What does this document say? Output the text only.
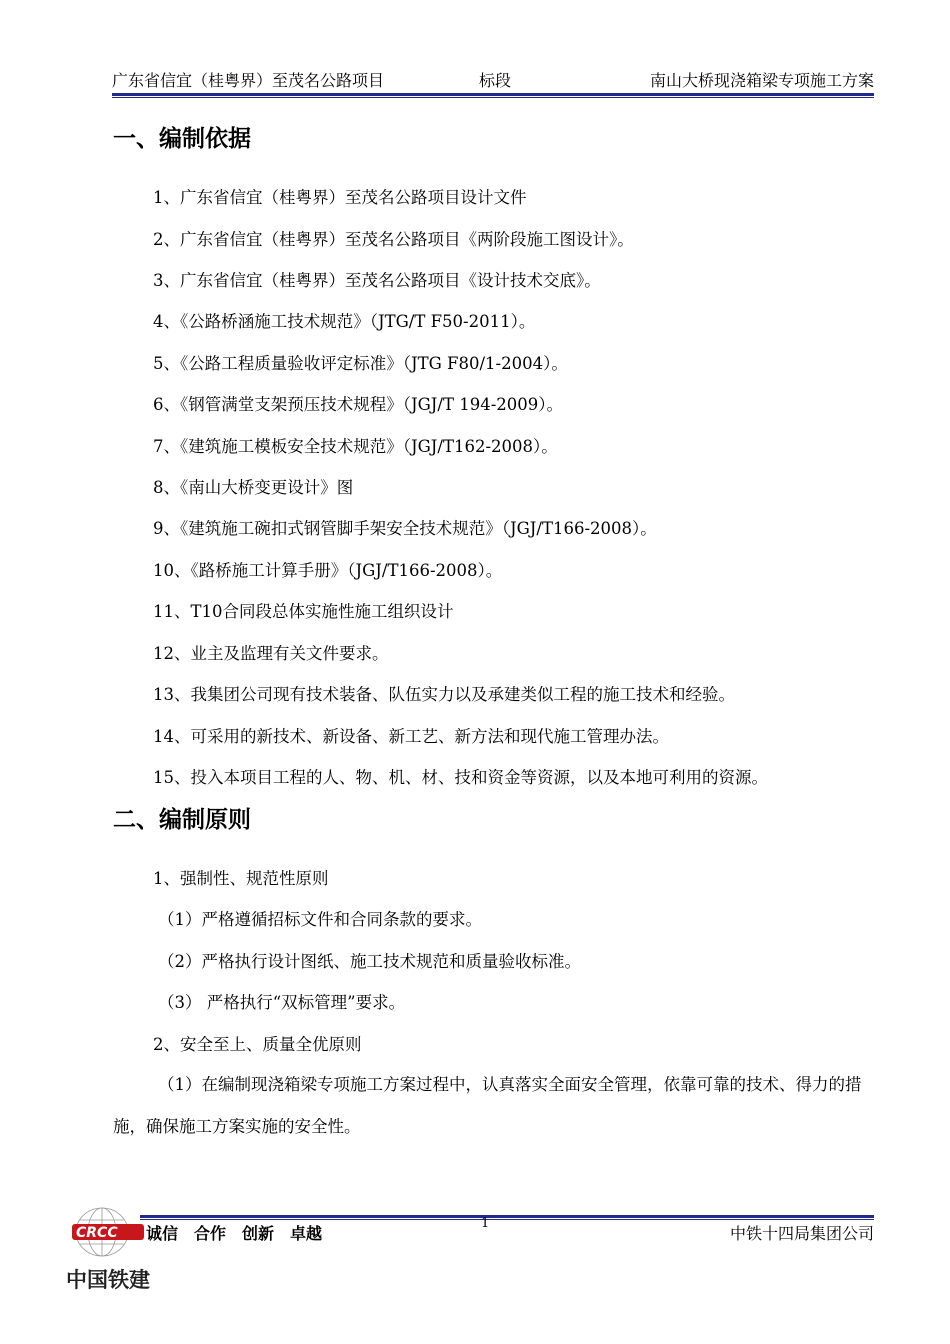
广东省信宜（桂粤界）至茂名公路项目	标段	南山大桥现浇箱梁专项施工方案
一、编制依据
1、广东省信宜（桂粤界）至茂名公路项目设计文件
2、广东省信宜（桂粤界）至茂名公路项目《两阶段施工图设计》。
3、广东省信宜（桂粤界）至茂名公路项目《设计技术交底》。
4、《公路桥涵施工技术规范》（JTG/T F50-2011）。
5、《公路工程质量验收评定标准》（JTG F80/1-2004）。
6、《钢管满堂支架预压技术规程》（JGJ/T 194-2009）。
7、《建筑施工模板安全技术规范》（JGJ/T162-2008）。
8、《南山大桥变更设计》图
9、《建筑施工碗扣式钢管脚手架安全技术规范》（JGJ/T166-2008）。
10、《路桥施工计算手册》（JGJ/T166-2008）。
11、T10合同段总体实施性施工组织设计
12、业主及监理有关文件要求。
13、我集团公司现有技术装备、队伍实力以及承建类似工程的施工技术和经验。
14、可采用的新技术、新设备、新工艺、新方法和现代施工管理办法。
15、投入本项目工程的人、物、机、材、技和资金等资源，以及本地可利用的资源。
二、编制原则
1、强制性、规范性原则
（1）严格遵循招标文件和合同条款的要求。
（2）严格执行设计图纸、施工技术规范和质量验收标准。
（3） 严格执行“双标管理”要求。
2、安全至上、质量全优原则
（1）在编制现浇箱梁专项施工方案过程中，认真落实全面安全管理，依靠可靠的技术、得力的措施，确保施工方案实施的安全性。
CRCC
中国铁建
诚信　合作　创新　卓越
1
中铁十四局集团公司
